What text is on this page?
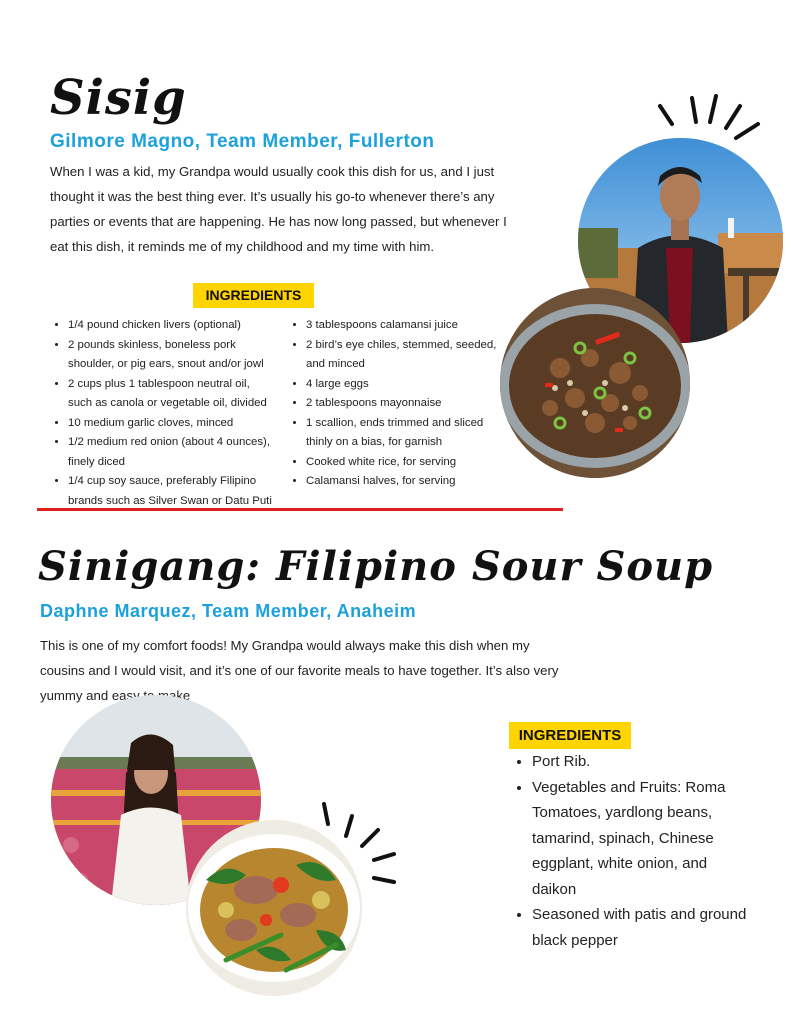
Sisig
Gilmore Magno, Team Member, Fullerton
When I was a kid, my Grandpa would usually cook this dish for us, and I just thought it was the best thing ever. It’s usually his go-to whenever there’s any parties or events that are happening. He has now long passed, but whenever I eat this dish, it reminds me of my childhood and my time with him.
INGREDIENTS
• 1/4 pound chicken livers (optional)
• 2 pounds skinless, boneless pork shoulder, or pig ears, snout and/or jowl
• 2 cups plus 1 tablespoon neutral oil, such as canola or vegetable oil, divided
• 10 medium garlic cloves, minced
• 1/2 medium red onion (about 4 ounces), finely diced
• 1/4 cup soy sauce, preferably Filipino brands such as Silver Swan or Datu Puti
• 3 tablespoons calamansi juice
• 2 bird’s eye chiles, stemmed, seeded, and minced
• 4 large eggs
• 2 tablespoons mayonnaise
• 1 scallion, ends trimmed and sliced thinly on a bias, for garnish
• Cooked white rice, for serving
• Calamansi halves, for serving
Sinigang: Filipino Sour Soup
Daphne Marquez, Team Member, Anaheim
This is one of my comfort foods! My Grandpa would always make this dish when my cousins and I would visit, and it’s one of our favorite meals to have together. It’s also very yummy and easy to make
INGREDIENTS
• Port Rib.
• Vegetables and Fruits: Roma Tomatoes, yardlong beans, tamarind, spinach, Chinese eggplant, white onion, and daikon
• Seasoned with patis and ground black pepper
